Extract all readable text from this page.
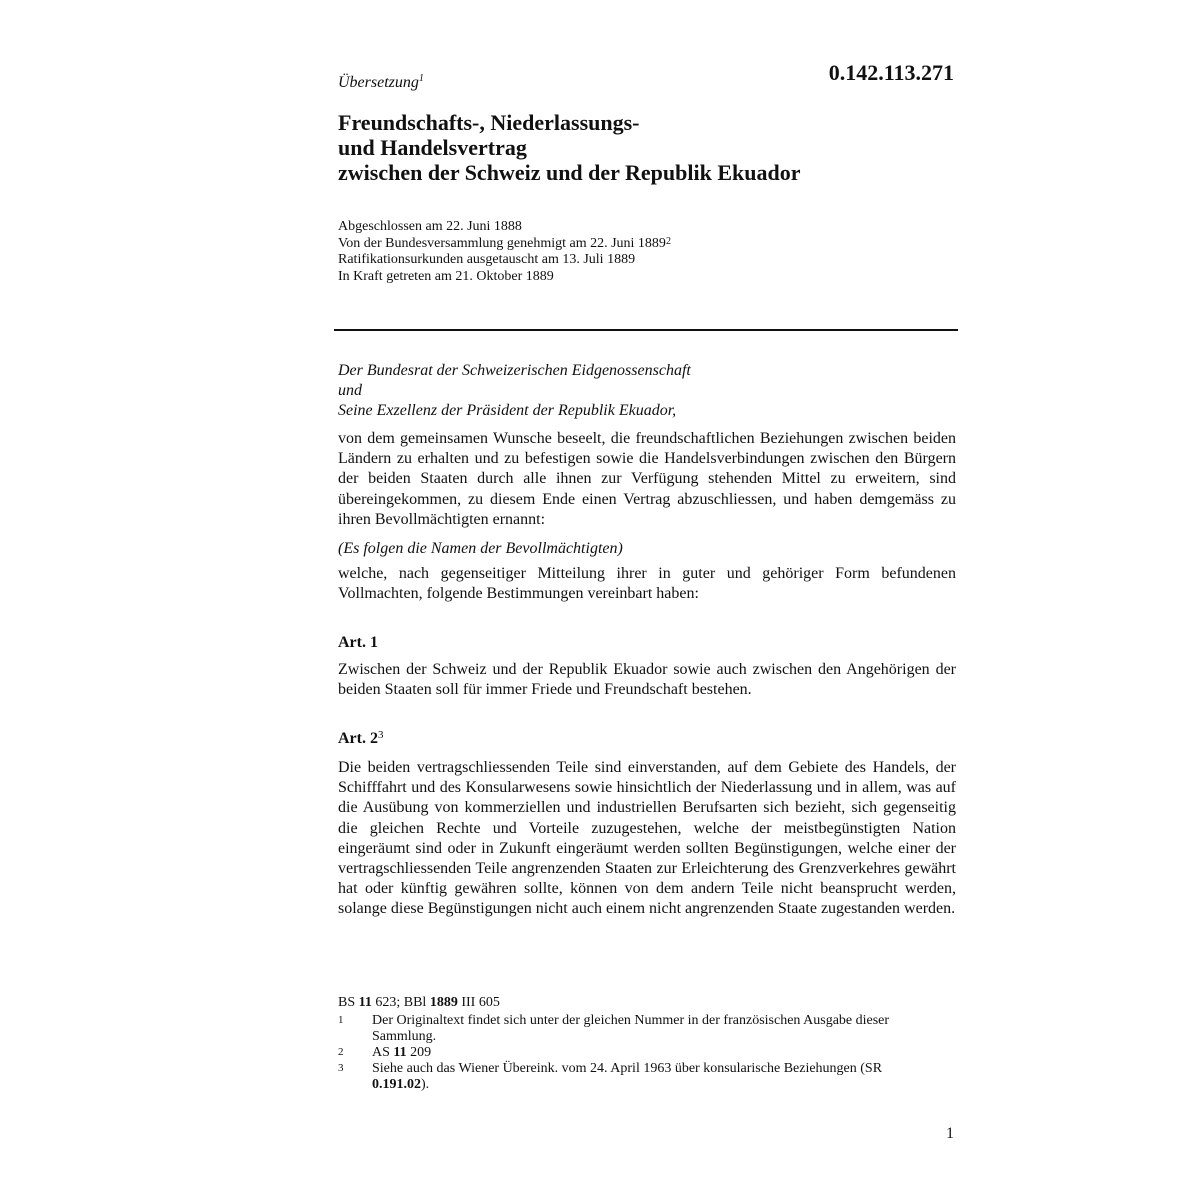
Übersetzung$^1$	0.142.113.271
Freundschafts-, Niederlassungs-
und Handelsvertrag
zwischen der Schweiz und der Republik Ekuador
Abgeschlossen am 22. Juni 1888
Von der Bundesversammlung genehmigt am 22. Juni 1889$^2$
Ratifikationsurkunden ausgetauscht am 13. Juli 1889
In Kraft getreten am 21. Oktober 1889
Der Bundesrat der Schweizerischen Eidgenossenschaft
und
Seine Exzellenz der Präsident der Republik Ekuador,
von dem gemeinsamen Wunsche beseelt, die freundschaftlichen Beziehungen zwischen beiden Ländern zu erhalten und zu befestigen sowie die Handelsverbindungen zwischen den Bürgern der beiden Staaten durch alle ihnen zur Verfügung stehenden Mittel zu erweitern, sind übereingekommen, zu diesem Ende einen Vertrag abzuschliessen, und haben demgemäss zu ihren Bevollmächtigten ernannt:
(Es folgen die Namen der Bevollmächtigten)
welche, nach gegenseitiger Mitteilung ihrer in guter und gehöriger Form befundenen Vollmachten, folgende Bestimmungen vereinbart haben:
Art. 1
Zwischen der Schweiz und der Republik Ekuador sowie auch zwischen den Angehörigen der beiden Staaten soll für immer Friede und Freundschaft bestehen.
Art. $2^3$
Die beiden vertragschliessenden Teile sind einverstanden, auf dem Gebiete des Handels, der Schifffahrt und des Konsularwesens sowie hinsichtlich der Niederlassung und in allem, was auf die Ausübung von kommerziellen und industriellen Berufsarten sich bezieht, sich gegenseitig die gleichen Rechte und Vorteile zuzugestehen, welche der meistbegünstigten Nation eingeräumt sind oder in Zukunft eingeräumt werden sollten Begünstigungen, welche einer der vertragschliessenden Teile angrenzenden Staaten zur Erleichterung des Grenzverkehres gewährt hat oder künftig gewähren sollte, können von dem andern Teile nicht beansprucht werden, solange diese Begünstigungen nicht auch einem nicht angrenzenden Staate zugestanden werden.
BS 11 623; BBl 1889 III 605
1	Der Originaltext findet sich unter der gleichen Nummer in der französischen Ausgabe dieser Sammlung.
2	AS 11 209
3	Siehe auch das Wiener Übereink. vom 24. April 1963 über konsularische Beziehungen (SR 0.191.02).
1
